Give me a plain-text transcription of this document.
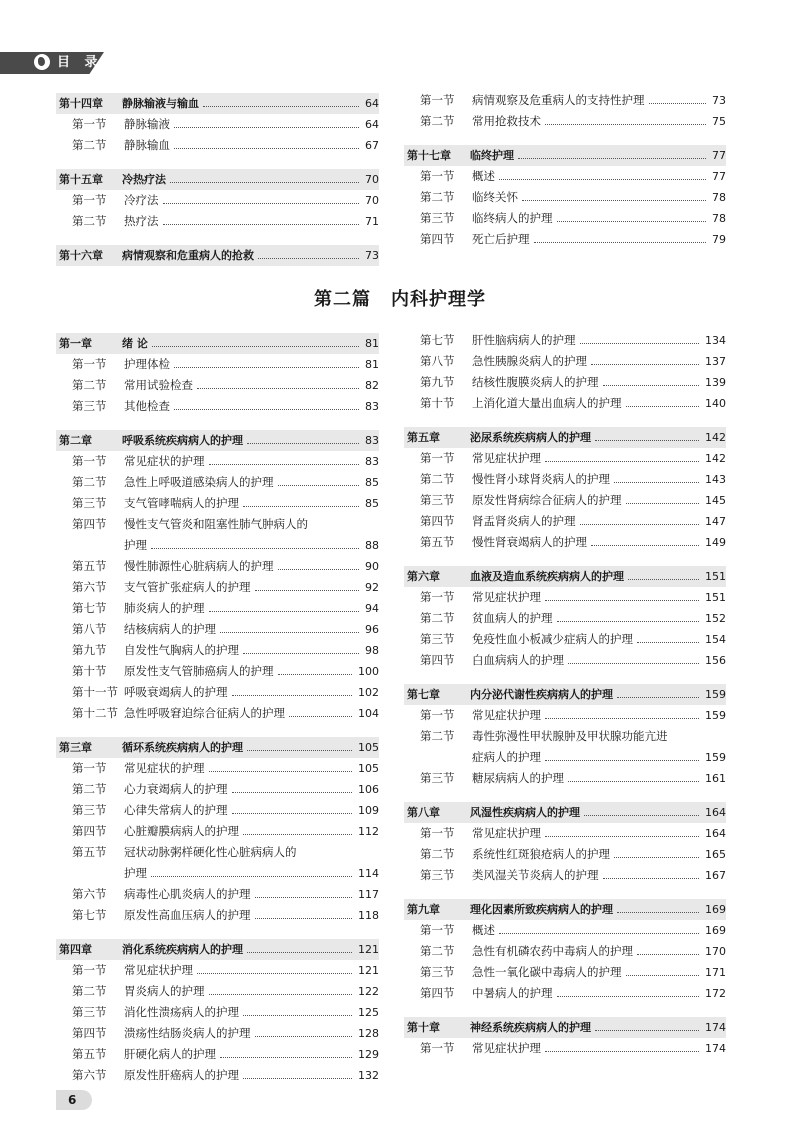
目 录
第十四章 静脉输液与输血	64
第一节 静脉输液	64
第二节 静脉输血	67
第十五章 冷热疗法	70
第一节 冷疗法	70
第二节 热疗法	71
第十六章 病情观察和危重病人的抢救	73
第一节 病情观察及危重病人的支持性护理	73
第二节 常用抢救技术	75
第十七章 临终护理	77
第一节 概述	77
第二节 临终关怀	78
第三节 临终病人的护理	78
第四节 死亡后护理	79
第二篇 内科护理学
第一章	绪 论	81
第一节 护理体检	81
第二节 常用试验检查	82
第三节 其他检查	83
第二章	呼吸系统疾病病人的护理	83
第一节 常见症状的护理	83
第二节 急性上呼吸道感染病人的护理	85
第三节 支气管哮喘病人的护理	85
第四节 慢性支气管炎和阻塞性肺气肿病人的
护理	88
第五节 慢性肺源性心脏病病人的护理	90
第六节 支气管扩张症病人的护理	92
第七节 肺炎病人的护理	94
第八节 结核病病人的护理	96
第九节 自发性气胸病人的护理	98
第十节 原发性支气管肺癌病人的护理	100
第十一节 呼吸衰竭病人的护理	102
第十二节 急性呼吸窘迫综合征病人的护理	104
第三章	循环系统疾病病人的护理	105
第一节 常见症状的护理	105
第二节 心力衰竭病人的护理	106
第三节 心律失常病人的护理	109
第四节 心脏瓣膜病病人的护理	112
第五节 冠状动脉粥样硬化性心脏病病人的
护理	114
第六节 病毒性心肌炎病人的护理	117
第七节 原发性高血压病人的护理	118
第四章	消化系统疾病病人的护理	121
第一节 常见症状护理	121
第二节 胃炎病人的护理	122
第三节 消化性溃疡病人的护理	125
第四节 溃疡性结肠炎病人的护理	128
第五节 肝硬化病人的护理	129
第六节 原发性肝癌病人的护理	132
第七节 肝性脑病病人的护理	134
第八节 急性胰腺炎病人的护理	137
第九节 结核性腹膜炎病人的护理	139
第十节 上消化道大量出血病人的护理	140
第五章	泌尿系统疾病病人的护理	142
第一节 常见症状护理	142
第二节 慢性肾小球肾炎病人的护理	143
第三节 原发性肾病综合征病人的护理	145
第四节 肾盂肾炎病人的护理	147
第五节 慢性肾衰竭病人的护理	149
第六章	血液及造血系统疾病病人的护理	151
第一节 常见症状护理	151
第二节 贫血病人的护理	152
第三节 免疫性血小板减少症病人的护理	154
第四节 白血病病人的护理	156
第七章	内分泌代谢性疾病病人的护理	159
第一节 常见症状护理	159
第二节 毒性弥漫性甲状腺肿及甲状腺功能亢进
症病人的护理	159
第三节 糖尿病病人的护理	161
第八章	风湿性疾病病人的护理	164
第一节 常见症状护理	164
第二节 系统性红斑狼疮病人的护理	165
第三节 类风湿关节炎病人的护理	167
第九章	理化因素所致疾病病人的护理	169
第一节 概述	169
第二节 急性有机磷农药中毒病人的护理	170
第三节 急性一氧化碳中毒病人的护理	171
第四节 中暑病人的护理	172
第十章	神经系统疾病病人的护理	174
第一节 常见症状护理	174
6
